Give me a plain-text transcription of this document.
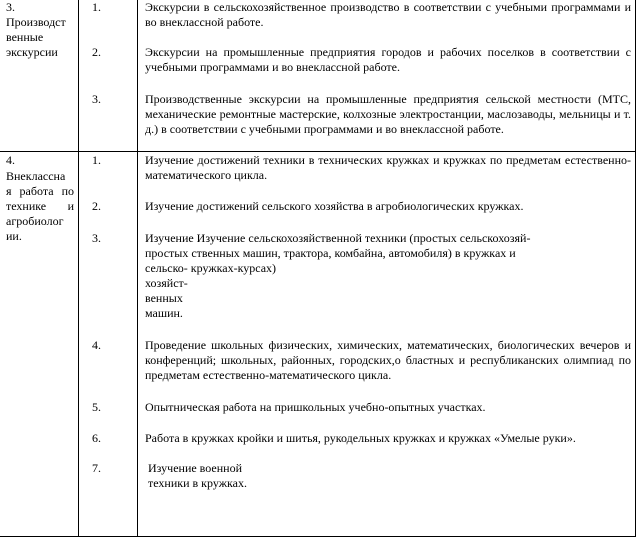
3.
Производст
венные
экскурсии
1.	Экскурсии в сельскохозяйственное производство в соответствии с учебными программами и во внеклассной работе.

2.	Экскурсии на промышленные предприятия городов и рабочих поселков в соответствии с учебными программами и во внеклассной работе.

3.	Производственные экскурсии на промышленные предприятия сельской местности (МТС, механические ремонтные мастерские, колхозные электростанции, маслозаводы, мельницы и т. д.) в соответствии с учебными программами и во внеклассной работе.

4.
Внеклассна
я работа по
технике и
агробиолог
ии.
1.	Изучение достижений техники в технических кружках и кружках по предметам естественно-математического цикла.

2.	Изучение достижений сельского хозяйства в агробиологических кружках.

3.	Изучение Изучение сельскохозяйственной техники (простых сельскохозяй-
простых ственных машин, трактора, комбайна, автомобиля) в кружках и
сельско- кружках-курсах)
хозяйст-
венных
машин.
4.	Проведение школьных физических, химических, математических, биологических вечеров и конференций; школьных, районных, городских,о бластных и республиканских олимпиад по предметам естественно-математического цикла.

5.	Опытническая работа на пришкольных учебно-опытных участках.

6.	Работа в кружках кройки и шитья, рукодельных кружках и кружках «Умелые руки».

7.	Изучение военной
техники в кружках.
